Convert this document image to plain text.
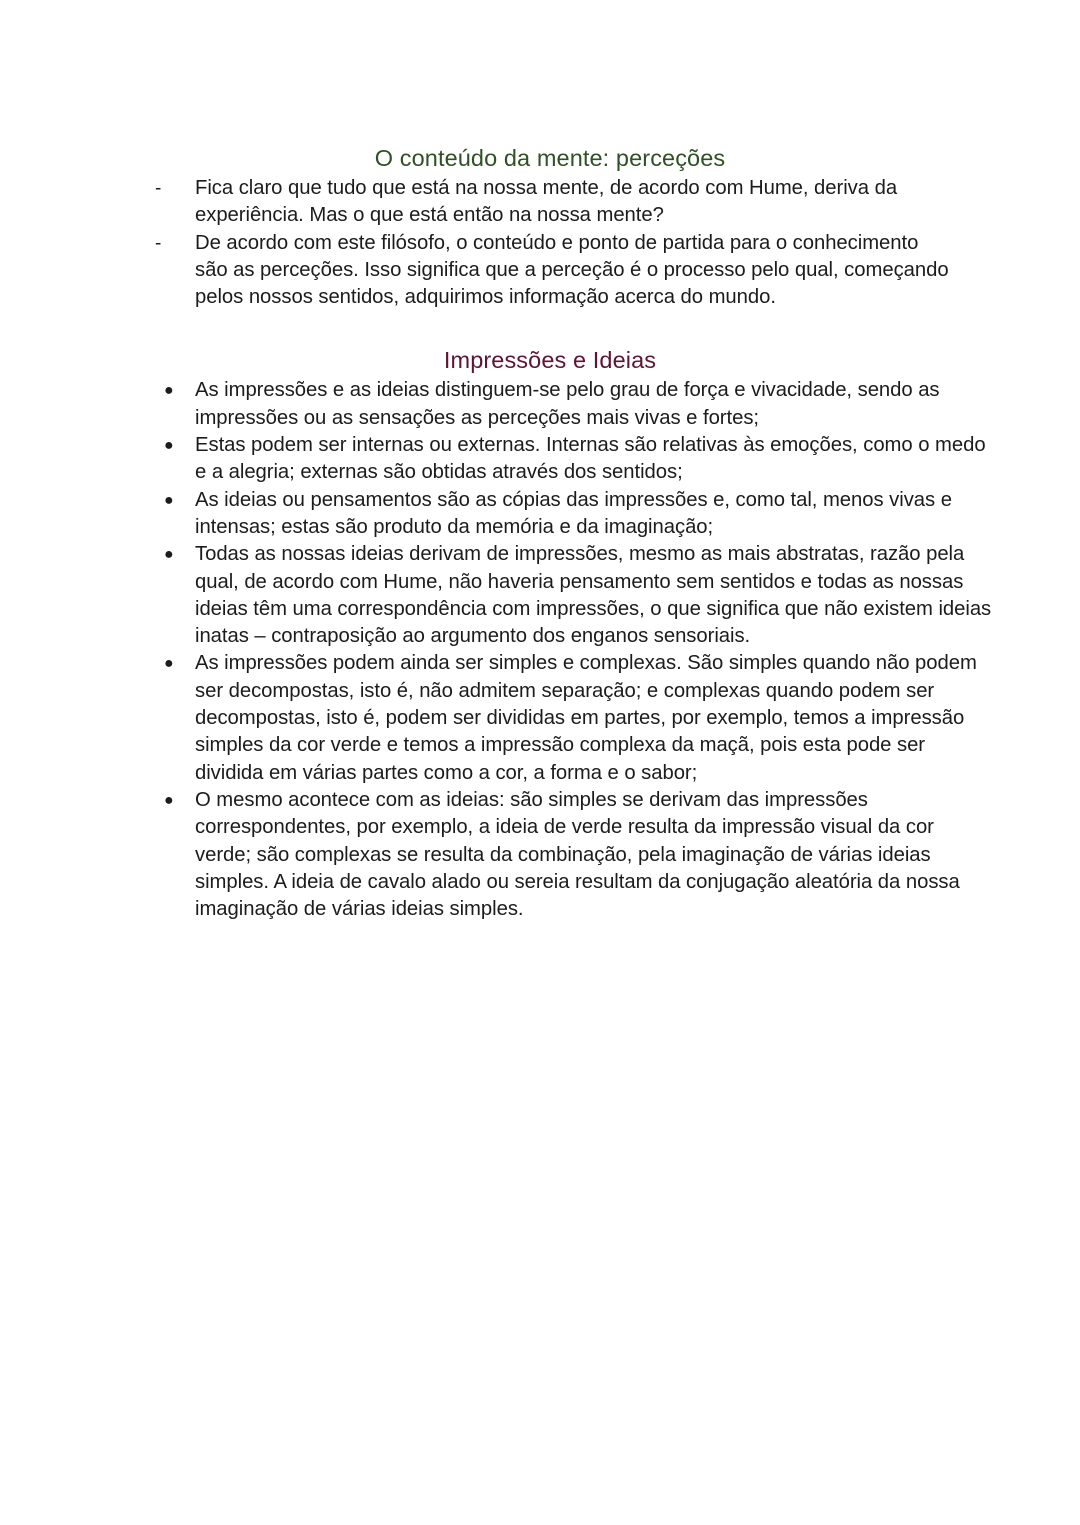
O conteúdo da mente: perceções
-	Fica claro que tudo que está na nossa mente, de acordo com Hume, deriva da experiência. Mas o que está então na nossa mente?
-	De acordo com este filósofo, o conteúdo e ponto de partida para o conhecimento são as perceções. Isso significa que a perceção é o processo pelo qual, começando pelos nossos sentidos, adquirimos informação acerca do mundo.
Impressões e Ideias
●	As impressões e as ideias distinguem-se pelo grau de força e vivacidade, sendo as impressões ou as sensações as perceções mais vivas e fortes;
●	Estas podem ser internas ou externas. Internas são relativas às emoções, como o medo e a alegria; externas são obtidas através dos sentidos;
●	As ideias ou pensamentos são as cópias das impressões e, como tal, menos vivas e intensas; estas são produto da memória e da imaginação;
●	Todas as nossas ideias derivam de impressões, mesmo as mais abstratas, razão pela qual, de acordo com Hume, não haveria pensamento sem sentidos e todas as nossas ideias têm uma correspondência com impressões, o que significa que não existem ideias inatas – contraposição ao argumento dos enganos sensoriais.
●	As impressões podem ainda ser simples e complexas. São simples quando não podem ser decompostas, isto é, não admitem separação; e complexas quando podem ser decompostas, isto é, podem ser divididas em partes, por exemplo, temos a impressão simples da cor verde e temos a impressão complexa da maçã, pois esta pode ser dividida em várias partes como a cor, a forma e o sabor;
●	O mesmo acontece com as ideias: são simples se derivam das impressões correspondentes, por exemplo, a ideia de verde resulta da impressão visual da cor verde; são complexas se resulta da combinação, pela imaginação de várias ideias simples. A ideia de cavalo alado ou sereia resultam da conjugação aleatória da nossa imaginação de várias ideias simples.
